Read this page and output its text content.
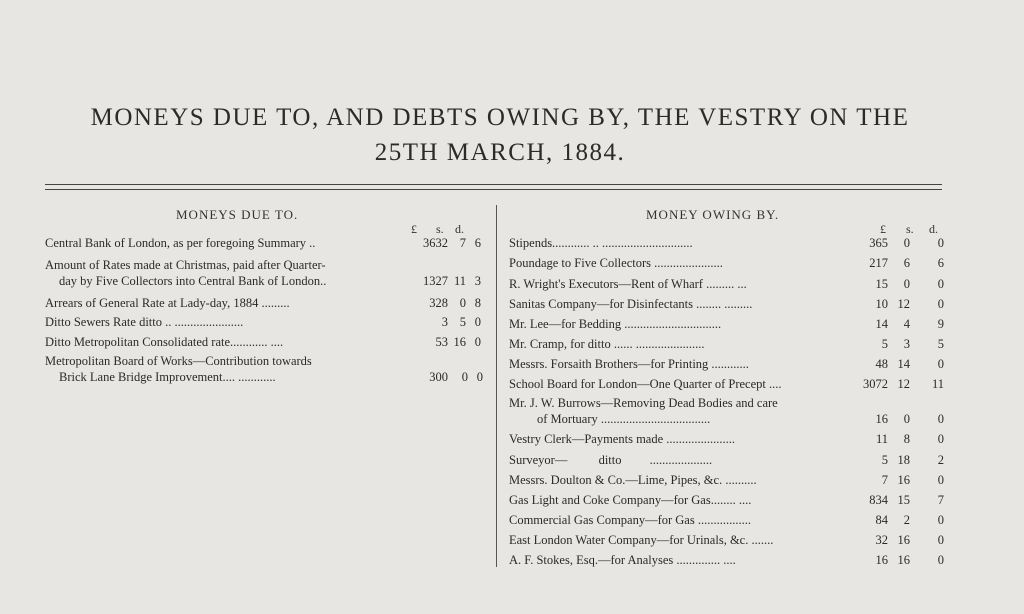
MONEYS DUE TO, AND DEBTS OWING BY, THE VESTRY ON THE
25TH MARCH, 1884.
MONEYS DUE TO.	MONEY OWING BY.
£ s. d.	£ s. d.
Central Bank of London, as per foregoing Summary ..	3632 7 6
Amount of Rates made at Christmas, paid after Quarter-
day by Five Collectors into Central Bank of London..	1327 11 3
Arrears of General Rate at Lady-day, 1884 .........	328 0 8
Ditto Sewers Rate ditto .. ......................	3 5 0
Ditto Metropolitan Consolidated rate............ ....	53 16 0
Metropolitan Board of Works—Contribution towards
Brick Lane Bridge Improvement.... ............	300	0 0
Stipends............ .. .............................	365	0	0
Poundage to Five Collectors ......................	217	6	6
R. Wright's Executors—Rent of Wharf ......... ...	15	0	0
Sanitas Company—for Disinfectants ........ .........	10 12	0
Mr. Lee—for Bedding ...............................	14	4	9
Mr. Cramp, for ditto ...... ......................	5	3	5
Messrs. Forsaith Brothers—for Printing ............	48 14	0
School Board for London—One Quarter of Precept ....	3072 12	11
Mr. J. W. Burrows—Removing Dead Bodies and care
of Mortuary ...................................	16	0	0
Vestry Clerk—Payments made ......................	11	8	0
Surveyor—          ditto         ....................	5 18	2
Messrs. Doulton & Co.—Lime, Pipes, &c. ..........	7 16	0
Gas Light and Coke Company—for Gas........ ....	834 15	7
Commercial Gas Company—for Gas .................	84	2	0
East London Water Company—for Urinals, &c. .......	32 16	0
A. F. Stokes, Esq.—for Analyses .............. ....	16 16	0
